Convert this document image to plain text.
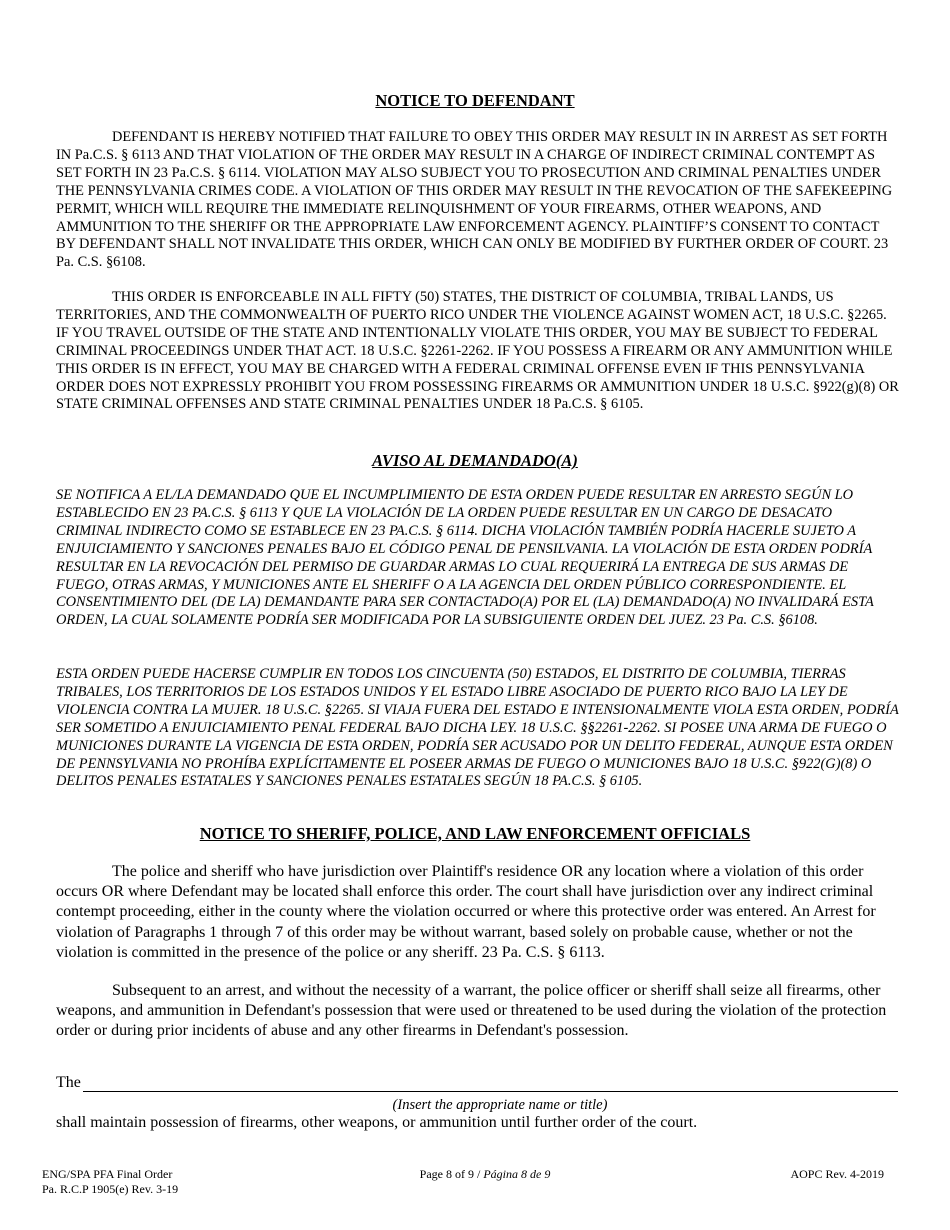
NOTICE TO DEFENDANT

DEFENDANT IS HEREBY NOTIFIED THAT FAILURE TO OBEY THIS ORDER MAY RESULT IN IN ARREST AS SET FORTH IN Pa.C.S. § 6113 AND THAT VIOLATION OF THE ORDER MAY RESULT IN A CHARGE OF INDIRECT CRIMINAL CONTEMPT AS SET FORTH IN 23 Pa.C.S. § 6114. VIOLATION MAY ALSO SUBJECT YOU TO PROSECUTION AND CRIMINAL PENALTIES UNDER THE PENNSYLVANIA CRIMES CODE. A VIOLATION OF THIS ORDER MAY RESULT IN THE REVOCATION OF THE SAFEKEEPING PERMIT, WHICH WILL REQUIRE THE IMMEDIATE RELINQUISHMENT OF YOUR FIREARMS, OTHER WEAPONS, AND AMMUNITION TO THE SHERIFF OR THE APPROPRIATE LAW ENFORCEMENT AGENCY. PLAINTIFF’S CONSENT TO CONTACT BY DEFENDANT SHALL NOT INVALIDATE THIS ORDER, WHICH CAN ONLY BE MODIFIED BY FURTHER ORDER OF COURT. 23 Pa. C.S. §6108.

THIS ORDER IS ENFORCEABLE IN ALL FIFTY (50) STATES, THE DISTRICT OF COLUMBIA, TRIBAL LANDS, US TERRITORIES, AND THE COMMONWEALTH OF PUERTO RICO UNDER THE VIOLENCE AGAINST WOMEN ACT, 18 U.S.C. §2265. IF YOU TRAVEL OUTSIDE OF THE STATE AND INTENTIONALLY VIOLATE THIS ORDER, YOU MAY BE SUBJECT TO FEDERAL CRIMINAL PROCEEDINGS UNDER THAT ACT. 18 U.S.C. §2261-2262. IF YOU POSSESS A FIREARM OR ANY AMMUNITION WHILE THIS ORDER IS IN EFFECT, YOU MAY BE CHARGED WITH A FEDERAL CRIMINAL OFFENSE EVEN IF THIS PENNSYLVANIA ORDER DOES NOT EXPRESSLY PROHIBIT YOU FROM POSSESSING FIREARMS OR AMMUNITION UNDER 18 U.S.C. §922(g)(8) OR STATE CRIMINAL OFFENSES AND STATE CRIMINAL PENALTIES UNDER 18 Pa.C.S. § 6105.

AVISO AL DEMANDADO(A)

SE NOTIFICA A EL/LA DEMANDADO QUE EL INCUMPLIMIENTO DE ESTA ORDEN PUEDE RESULTAR EN ARRESTO SEGÚN LO ESTABLECIDO EN 23 PA.C.S. § 6113 Y QUE LA VIOLACIÓN DE LA ORDEN PUEDE RESULTAR EN UN CARGO DE DESACATO CRIMINAL INDIRECTO COMO SE ESTABLECE EN 23 PA.C.S. § 6114. DICHA VIOLACIÓN TAMBIÉN PODRÍA HACERLE SUJETO A ENJUICIAMIENTO Y SANCIONES PENALES BAJO EL CÓDIGO PENAL DE PENSILVANIA. LA VIOLACIÓN DE ESTA ORDEN PODRÍA RESULTAR EN LA REVOCACIÓN DEL PERMISO DE GUARDAR ARMAS LO CUAL REQUERIRÁ LA ENTREGA DE SUS ARMAS DE FUEGO, OTRAS ARMAS, Y MUNICIONES ANTE EL SHERIFF O A LA AGENCIA DEL ORDEN PÚBLICO CORRESPONDIENTE. EL CONSENTIMIENTO DEL (DE LA) DEMANDANTE PARA SER CONTACTADO(A) POR EL (LA) DEMANDADO(A) NO INVALIDARÁ ESTA ORDEN, LA CUAL SOLAMENTE PODRÍA SER MODIFICADA POR LA SUBSIGUIENTE ORDEN DEL JUEZ. 23 Pa. C.S. §6108.

ESTA ORDEN PUEDE HACERSE CUMPLIR EN TODOS LOS CINCUENTA (50) ESTADOS, EL DISTRITO DE COLUMBIA, TIERRAS TRIBALES, LOS TERRITORIOS DE LOS ESTADOS UNIDOS Y EL ESTADO LIBRE ASOCIADO DE PUERTO RICO BAJO LA LEY DE VIOLENCIA CONTRA LA MUJER. 18 U.S.C. §2265. SI VIAJA FUERA DEL ESTADO E INTENSIONALMENTE VIOLA ESTA ORDEN, PODRÍA SER SOMETIDO A ENJUICIAMIENTO PENAL FEDERAL BAJO DICHA LEY. 18 U.S.C. §§2261-2262. SI POSEE UNA ARMA DE FUEGO O MUNICIONES DURANTE LA VIGENCIA DE ESTA ORDEN, PODRÍA SER ACUSADO POR UN DELITO FEDERAL, AUNQUE ESTA ORDEN DE PENNSYLVANIA NO PROHÍBA EXPLÍCITAMENTE EL POSEER ARMAS DE FUEGO O MUNICIONES BAJO 18 U.S.C. §922(G)(8) O DELITOS PENALES ESTATALES Y SANCIONES PENALES ESTATALES SEGÚN 18 PA.C.S. § 6105.

NOTICE TO SHERIFF, POLICE, AND LAW ENFORCEMENT OFFICIALS

The police and sheriff who have jurisdiction over Plaintiff's residence OR any location where a violation of this order occurs OR where Defendant may be located shall enforce this order. The court shall have jurisdiction over any indirect criminal contempt proceeding, either in the county where the violation occurred or where this protective order was entered. An Arrest for violation of Paragraphs 1 through 7 of this order may be without warrant, based solely on probable cause, whether or not the violation is committed in the presence of the police or any sheriff. 23 Pa. C.S. § 6113.

Subsequent to an arrest, and without the necessity of a warrant, the police officer or sheriff shall seize all firearms, other weapons, and ammunition in Defendant's possession that were used or threatened to be used during the violation of the protection order or during prior incidents of abuse and any other firearms in Defendant's possession.

The
(Insert the appropriate name or title)
shall maintain possession of firearms, other weapons, or ammunition until further order of the court.
ENG/SPA PFA Final Order
Pa. R.C.P 1905(e) Rev. 3-19
Page 8 of 9 / Página 8 de 9	AOPC Rev. 4-2019
